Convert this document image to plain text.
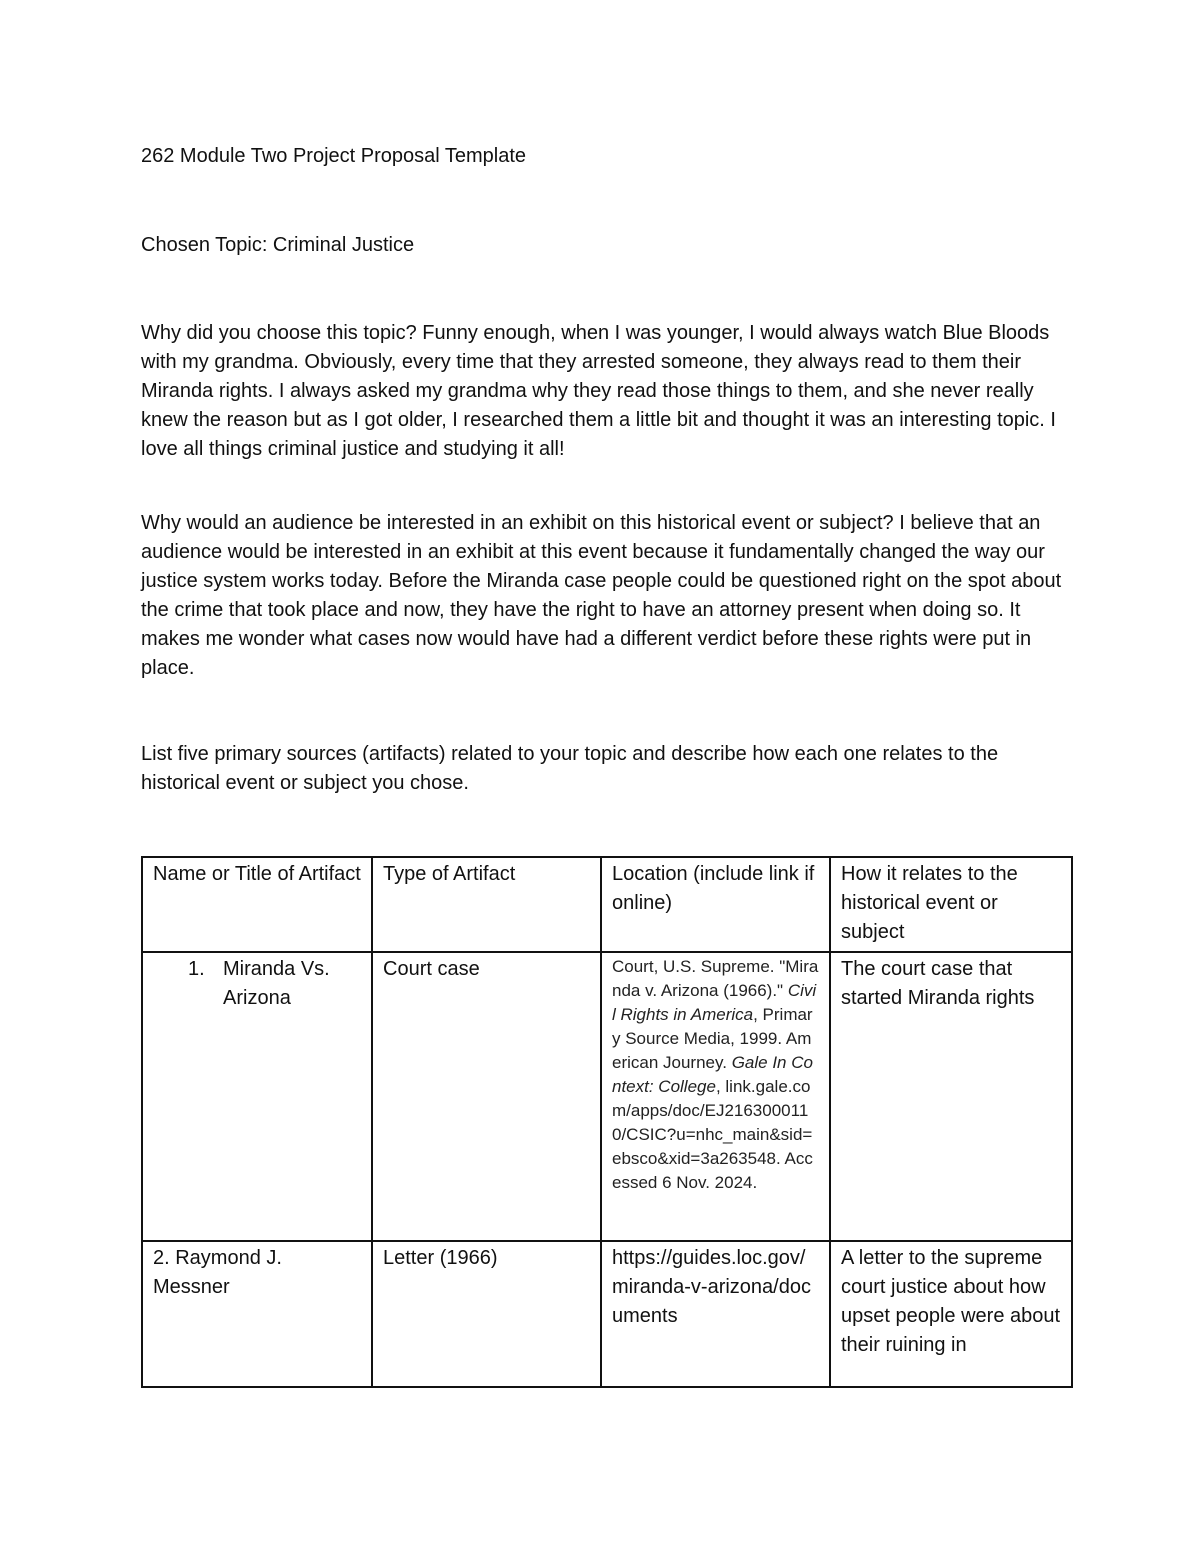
262 Module Two Project Proposal Template
Chosen Topic: Criminal Justice

Why did you choose this topic? Funny enough, when I was younger, I would always watch Blue Bloods with my grandma. Obviously, every time that they arrested someone, they always read to them their Miranda rights. I always asked my grandma why they read those things to them, and she never really knew the reason but as I got older, I researched them a little bit and thought it was an interesting topic. I love all things criminal justice and studying it all!

Why would an audience be interested in an exhibit on this historical event or subject? I believe that an audience would be interested in an exhibit at this event because it fundamentally changed the way our justice system works today. Before the Miranda case people could be questioned right on the spot about the crime that took place and now, they have the right to have an attorney present when doing so. It makes me wonder what cases now would have had a different verdict before these rights were put in place.

List five primary sources (artifacts) related to your topic and describe how each one relates to the historical event or subject you chose.

Name or Title of Artifact	Type of Artifact	Location (include link if online)	How it relates to the historical event or subject

1. Miranda Vs. Arizona	Court case	Court, U.S. Supreme. "Miranda v. Arizona (1966)." Civil Rights in America, Primary Source Media, 1999. American Journey. Gale In Context: College, link.gale.com/apps/doc/EJ2163000110/CSIC?u=nhc_main&sid=ebsco&xid=3a263548. Accessed 6 Nov. 2024.	The court case that started Miranda rights
2. Raymond J. Messner	Letter (1966)	https://guides.loc.gov/miranda-v-arizona/documents	A letter to the supreme court justice about how upset people were about their ruining in
